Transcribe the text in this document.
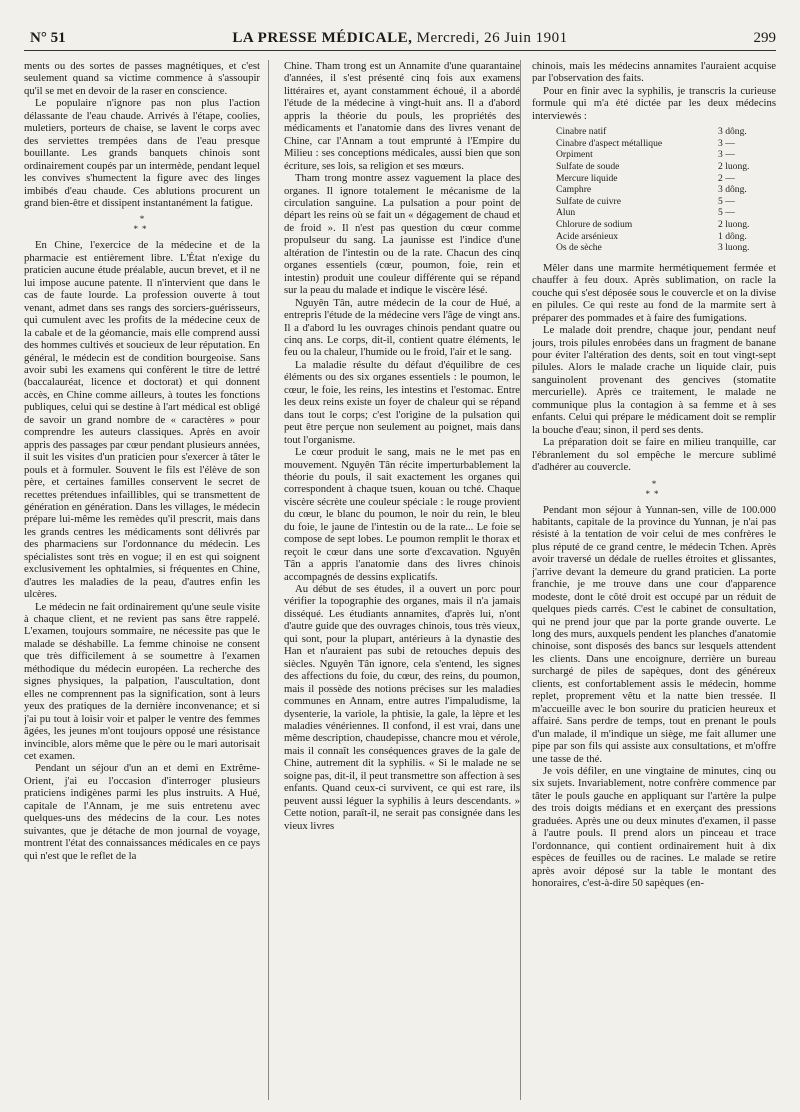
N° 51	LA PRESSE MÉDICALE, Mercredi, 26 Juin 1901	299

ments ou des sortes de passes magnétiques, et c'est seulement quand sa victime commence à s'assoupir qu'il se met en devoir de la raser en conscience.

Le populaire n'ignore pas non plus l'action délassante de l'eau chaude. Arrivés à l'étape, coolies, muletiers, porteurs de chaise, se lavent le corps avec des serviettes trempées dans de l'eau presque bouillante. Les grands banquets chinois sont ordinairement coupés par un intermède, pendant lequel les convives s'humectent la figure avec des linges imbibés d'eau chaude. Ces ablutions procurent un grand bien-être et dissipent instantanément la fatigue.

*
**

En Chine, l'exercice de la médecine et de la pharmacie est entièrement libre. L'État n'exige du praticien aucune étude préalable, aucun brevet, et il ne lui impose aucune patente. Il n'intervient que dans le cas de faute lourde. La profession ouverte à tout venant, admet dans ses rangs des sorciers-guérisseurs, qui cumulent avec les profits de la médecine ceux de la cabale et de la géomancie, mais elle comprend aussi des hommes cultivés et soucieux de leur réputation. En général, le médecin est de condition bourgeoise. Sans avoir subi les examens qui confèrent le titre de lettré (baccalauréat, licence et doctorat) et qui donnent accès, en Chine comme ailleurs, à toutes les fonctions publiques, celui qui se destine à l'art médical est obligé de savoir un grand nombre de « caractères » pour comprendre les auteurs classiques. Après en avoir appris des passages par cœur pendant plusieurs années, il suit les visites d'un praticien pour s'exercer à tâter le pouls et à formuler. Souvent le fils est l'élève de son père, et certaines familles conservent le secret de recettes prétendues infaillibles, qui se transmettent de génération en génération. Dans les villages, le médecin prépare lui-même les remèdes qu'il prescrit, mais dans les grands centres les médicaments sont délivrés par des pharmaciens sur l'ordonnance du médecin. Les spécialistes sont très en vogue; il en est qui soignent exclusivement les ophtalmies, si fréquentes en Chine, d'autres les maladies de la peau, d'autres enfin les ulcères.

Le médecin ne fait ordinairement qu'une seule visite à chaque client, et ne revient pas sans être rappelé. L'examen, toujours sommaire, ne nécessite pas que le malade se déshabille. La femme chinoise ne consent que très difficilement à se soumettre à l'examen méthodique du médecin européen. La recherche des signes physiques, la palpation, l'auscultation, dont elles ne comprennent pas la signification, sont à leurs yeux des pratiques de la dernière inconvenance; et si j'ai pu tout à loisir voir et palper le ventre des femmes âgées, les jeunes m'ont toujours opposé une résistance invincible, alors même que le père ou le mari autorisait cet examen.

Pendant un séjour d'un an et demi en Extrême-Orient, j'ai eu l'occasion d'interroger plusieurs praticiens indigènes parmi les plus instruits. A Hué, capitale de l'Annam, je me suis entretenu avec quelques-uns des médecins de la cour. Les notes suivantes, que je détache de mon journal de voyage, montrent l'état des connaissances médicales en ce pays qui n'est que le reflet de la

Chine. Tham trong est un Annamite d'une quarantaine d'années, il s'est présenté cinq fois aux examens littéraires et, ayant constamment échoué, il a abordé l'étude de la médecine à vingt-huit ans. Il a d'abord appris la théorie du pouls, les propriétés des médicaments et l'anatomie dans des livres venant de Chine, car l'Annam a tout emprunté à l'Empire du Milieu : ses conceptions médicales, aussi bien que son écriture, ses lois, sa religion et ses mœurs.

Tham trong montre assez vaguement la place des organes. Il ignore totalement le mécanisme de la circulation sanguine. La pulsation a pour point de départ les reins où se fait un « dégagement de chaud et de froid ». Il n'est pas question du cœur comme propulseur du sang. La jaunisse est l'indice d'une altération de l'intestin ou de la rate. Chacun des cinq organes essentiels (cœur, poumon, foie, rein et intestin) produit une couleur différente qui se répand sur la peau du malade et indique le viscère lésé.

Nguyên Tân, autre médecin de la cour de Hué, a entrepris l'étude de la médecine vers l'âge de vingt ans. Il a d'abord lu les ouvrages chinois pendant quatre ou cinq ans. Le corps, dit-il, contient quatre éléments, le feu ou la chaleur, l'humide ou le froid, l'air et le sang.

La maladie résulte du défaut d'équilibre de ces éléments ou des six organes essentiels : le poumon, le cœur, le foie, les reins, les intestins et l'estomac. Entre les deux reins existe un foyer de chaleur qui se répand dans tout le corps; c'est l'origine de la pulsation qui peut être perçue non seulement au poignet, mais dans tout l'organisme.

Le cœur produit le sang, mais ne le met pas en mouvement. Nguyên Tân récite imperturbablement la théorie du pouls, il sait exactement les organes qui correspondent à chaque tsuen, kouan ou tché. Chaque viscère sécrète une couleur spéciale : le rouge provient du cœur, le blanc du poumon, le noir du rein, le bleu du foie, le jaune de l'intestin ou de la rate... Le foie se compose de sept lobes. Le poumon remplit le thorax et reçoit le cœur dans une sorte d'excavation. Nguyên Tân a appris l'anatomie dans des livres chinois accompagnés de dessins explicatifs.

Au début de ses études, il a ouvert un porc pour vérifier la topographie des organes, mais il n'a jamais disséqué. Les étudiants annamites, d'après lui, n'ont d'autre guide que des ouvrages chinois, tous très vieux, qui sont, pour la plupart, antérieurs à la dynastie des Han et n'auraient pas subi de retouches depuis des siècles. Nguyên Tân ignore, cela s'entend, les signes des affections du foie, du cœur, des reins, du poumon, mais il possède des notions précises sur les maladies communes en Annam, entre autres l'impaludisme, la dysenterie, la variole, la phtisie, la gale, la lèpre et les maladies vénériennes. Il confond, il est vrai, dans une même description, chaudepisse, chancre mou et vérole, mais il connaît les conséquences graves de la gale de Chine, autrement dit la syphilis. « Si le malade ne se soigne pas, dit-il, il peut transmettre son affection à ses enfants. Quand ceux-ci survivent, ce qui est rare, ils peuvent aussi léguer la syphilis à leurs descendants. » Cette notion, paraît-il, ne serait pas consignée dans les vieux livres

chinois, mais les médecins annamites l'auraient acquise par l'observation des faits.

Pour en finir avec la syphilis, je transcris la curieuse formule qui m'a été dictée par les deux médecins interviewés :

Cinabre natif	3 dông.
Cinabre d'aspect métallique	3 —
Orpiment	3 —
Sulfate de soude	2 luong.
Mercure liquide	2 —
Camphre	3 dông.
Sulfate de cuivre	5 —
Alun	5 —
Chlorure de sodium	2 luong.
Acide arsénieux	1 dông.
Os de sèche	3 luong.

Mêler dans une marmite hermétiquement fermée et chauffer à feu doux. Après sublimation, on racle la couche qui s'est déposée sous le couvercle et on la divise en pilules. Ce qui reste au fond de la marmite sert à préparer des pommades et à faire des fumigations.

Le malade doit prendre, chaque jour, pendant neuf jours, trois pilules enrobées dans un fragment de banane pour éviter l'altération des dents, soit en tout vingt-sept pilules. Alors le malade crache un liquide clair, puis sanguinolent provenant des gencives (stomatite mercurielle). Après ce traitement, le malade ne communique plus la contagion à sa femme et à ses enfants. Celui qui prépare le médicament doit se remplir la bouche d'eau; sinon, il perd ses dents.

La préparation doit se faire en milieu tranquille, car l'ébranlement du sol empêche le mercure sublimé d'adhérer au couvercle.

*
**

Pendant mon séjour à Yunnan-sen, ville de 100.000 habitants, capitale de la province du Yunnan, je n'ai pas résisté à la tentation de voir celui de mes confrères le plus réputé de ce grand centre, le médecin Tchen. Après avoir traversé un dédale de ruelles étroites et glissantes, j'arrive devant la demeure du grand praticien. La porte franchie, je me trouve dans une cour d'apparence modeste, dont le côté droit est occupé par un réduit de quelques pieds carrés. C'est le cabinet de consultation, qui ne prend jour que par la porte grande ouverte. Le long des murs, auxquels pendent les planches d'anatomie chinoise, sont disposés des bancs sur lesquels attendent les clients. Dans une encoignure, derrière un bureau surchargé de piles de sapèques, dont des généreux clients, est confortablement assis le médecin, homme replet, proprement vêtu et la natte bien tressée. Il m'accueille avec le bon sourire du praticien heureux et affairé. Sans perdre de temps, tout en prenant le pouls d'un malade, il m'indique un siège, me fait allumer une pipe par son fils qui assiste aux consultations, et m'offre une tasse de thé.

Je vois défiler, en une vingtaine de minutes, cinq ou six sujets. Invariablement, notre confrère commence par tâter le pouls gauche en appliquant sur l'artère la pulpe des trois doigts médians et en exerçant des pressions graduées. Après une ou deux minutes d'examen, il passe à l'autre pouls. Il prend alors un pinceau et trace l'ordonnance, qui contient ordinairement huit à dix espèces de feuilles ou de racines. Le malade se retire après avoir déposé sur la table le montant des honoraires, c'est-à-dire 50 sapèques (en-
